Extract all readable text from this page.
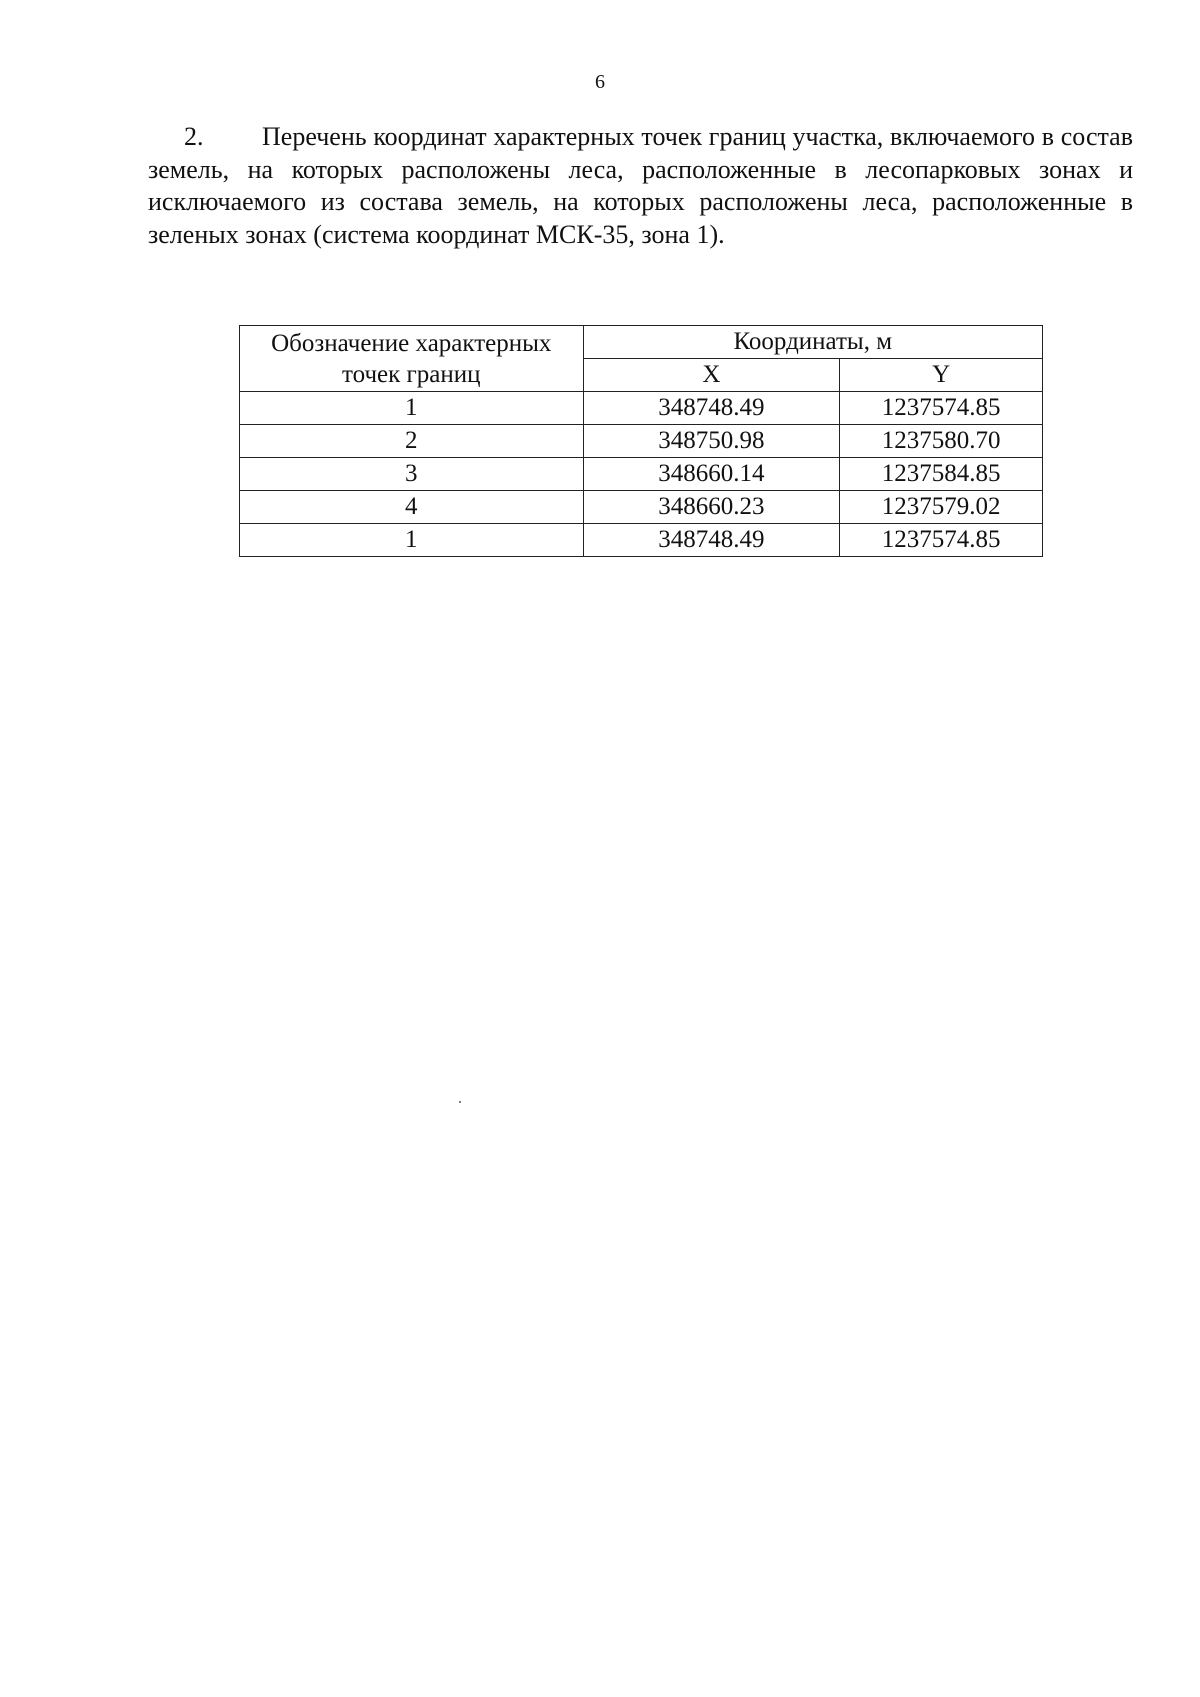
6

2. Перечень координат характерных точек границ участка, включаемого в состав земель, на которых расположены леса, расположенные в лесопарковых зонах и исключаемого из состава земель, на которых расположены леса, расположенные в зеленых зонах (система координат МСК-35, зона 1).

Обозначение характерных
точек границ	Координаты, м	
	X	Y
1	348748.49	1237574.85
2	348750.98	1237580.70
3	348660.14	1237584.85
4	348660.23	1237579.02
1	348748.49	1237574.85
